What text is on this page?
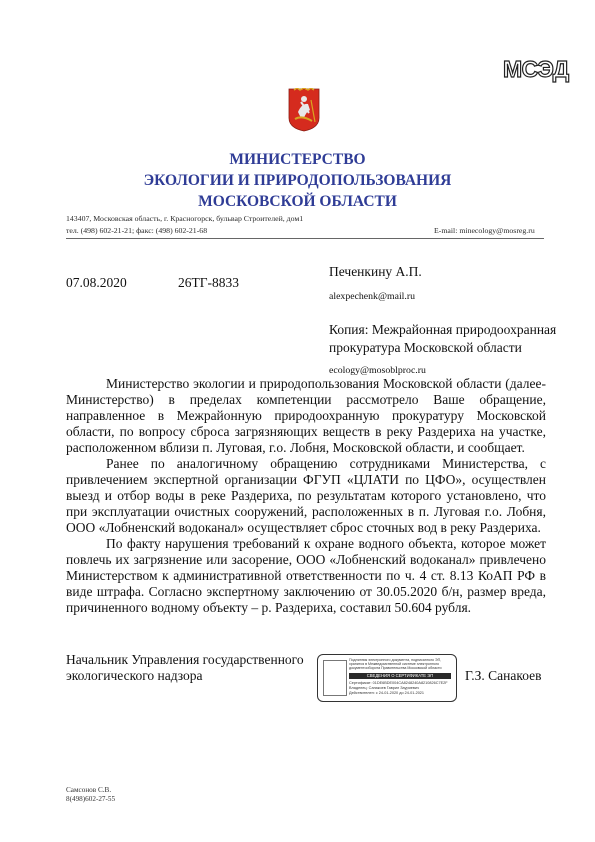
МСЭД
МИНИСТЕРСТВО
ЭКОЛОГИИ И ПРИРОДОПОЛЬЗОВАНИЯ
МОСКОВСКОЙ ОБЛАСТИ
143407, Московская область, г. Красногорск, бульвар Строителей, дом1
тел. (498) 602-21-21; факс: (498) 602-21-68	E-mail: minecology@mosreg.ru
07.08.2020	26ТГ-8833
Печенкину А.П.
alexpechenk@mail.ru
Копия: Межрайонная природоохранная прокуратура Московской области
ecology@mosoblproc.ru

Министерство экологии и природопользования Московской области (далее-Министерство) в пределах компетенции рассмотрело Ваше обращение, направленное в Межрайонную природоохранную прокуратуру Московской области, по вопросу сброса загрязняющих веществ в реку Раздериха на участке, расположенном вблизи п. Луговая, г.о. Лобня, Московской области, и сообщает.

Ранее по аналогичному обращению сотрудниками Министерства, с привлечением экспертной организации ФГУП «ЦЛАТИ по ЦФО», осуществлен выезд и отбор воды в реке Раздериха, по результатам которого установлено, что при эксплуатации очистных сооружений, расположенных в п. Луговая г.о. Лобня, ООО «Лобненский водоканал» осуществляет сброс сточных вод в реку Раздериха.

По факту нарушения требований к охране водного объекта, которое может повлечь их загрязнение или засорение, ООО «Лобненский водоканал» привлечено Министерством к административной ответственности по ч. 4 ст. 8.13 КоАП РФ в виде штрафа. Согласно экспертному заключению от 30.05.2020 б/н, размер вреда, причиненного водному объекту – р. Раздериха, составил 50.604 рубля.

Начальник Управления государственного экологического надзора
Подлинник электронного документа, подписанного ЭП, хранится в Межведомственной системе электронного документооборота Правительства Московской области
СВЕДЕНИЯ О СЕРТИФИКАТЕ ЭП
Сертификат: 01DE6BDE004CA8248240A8210826C7E2F
Владелец: Санакоев Гаврил Зауриевич
Действителен: с 24-01-2020 до 24-01-2021
Г.З. Санакоев
Самсонов С.В.
8(498)602-27-55
